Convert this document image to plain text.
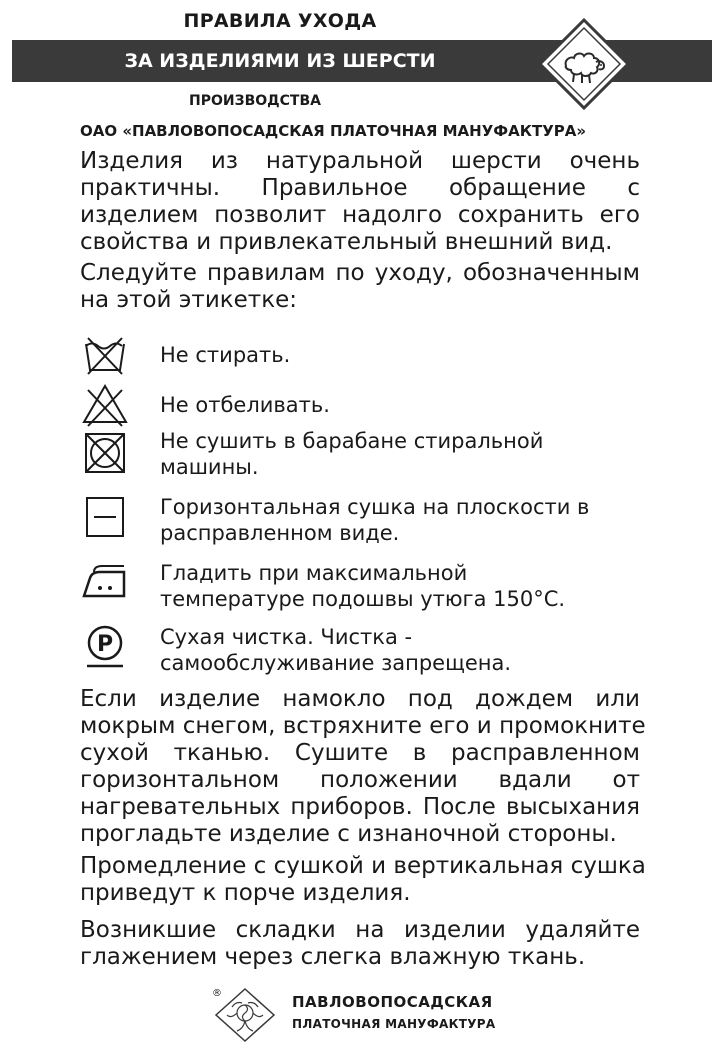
ПРАВИЛА УХОДА
ЗА ИЗДЕЛИЯМИ ИЗ ШЕРСТИ
ПРОИЗВОДСТВА
ОАО «ПАВЛОВОПОСАДСКАЯ ПЛАТОЧНАЯ МАНУФАКТУРА»
Изделия из натуральной шерсти очень
практичны. Правильное обращение с
изделием позволит надолго сохранить его
свойства и привлекательный внешний вид.
Следуйте правилам по уходу, обозначенным
на этой этикетке:
Не стирать.
Не отбеливать.
Не сушить в барабане стиральной
машины.
Горизонтальная сушка на плоскости в
расправленном виде.
Гладить при максимальной
температуре подошвы утюга 150°С.
P Сухая чистка. Чистка -
самообслуживание запрещена.
Если изделие намокло под дождем или
мокрым снегом, встряхните его и промокните
сухой тканью. Сушите в расправленном
горизонтальном положении вдали от
нагревательных приборов. После высыхания
прогладьте изделие с изнаночной стороны.
Промедление с сушкой и вертикальная сушка
приведут к порче изделия.
Возникшие складки на изделии удаляйте
глажением через слегка влажную ткань.
®	ПАВЛОВОПОСАДСКАЯ
ПЛАТОЧНАЯ МАНУФАКТУРА
